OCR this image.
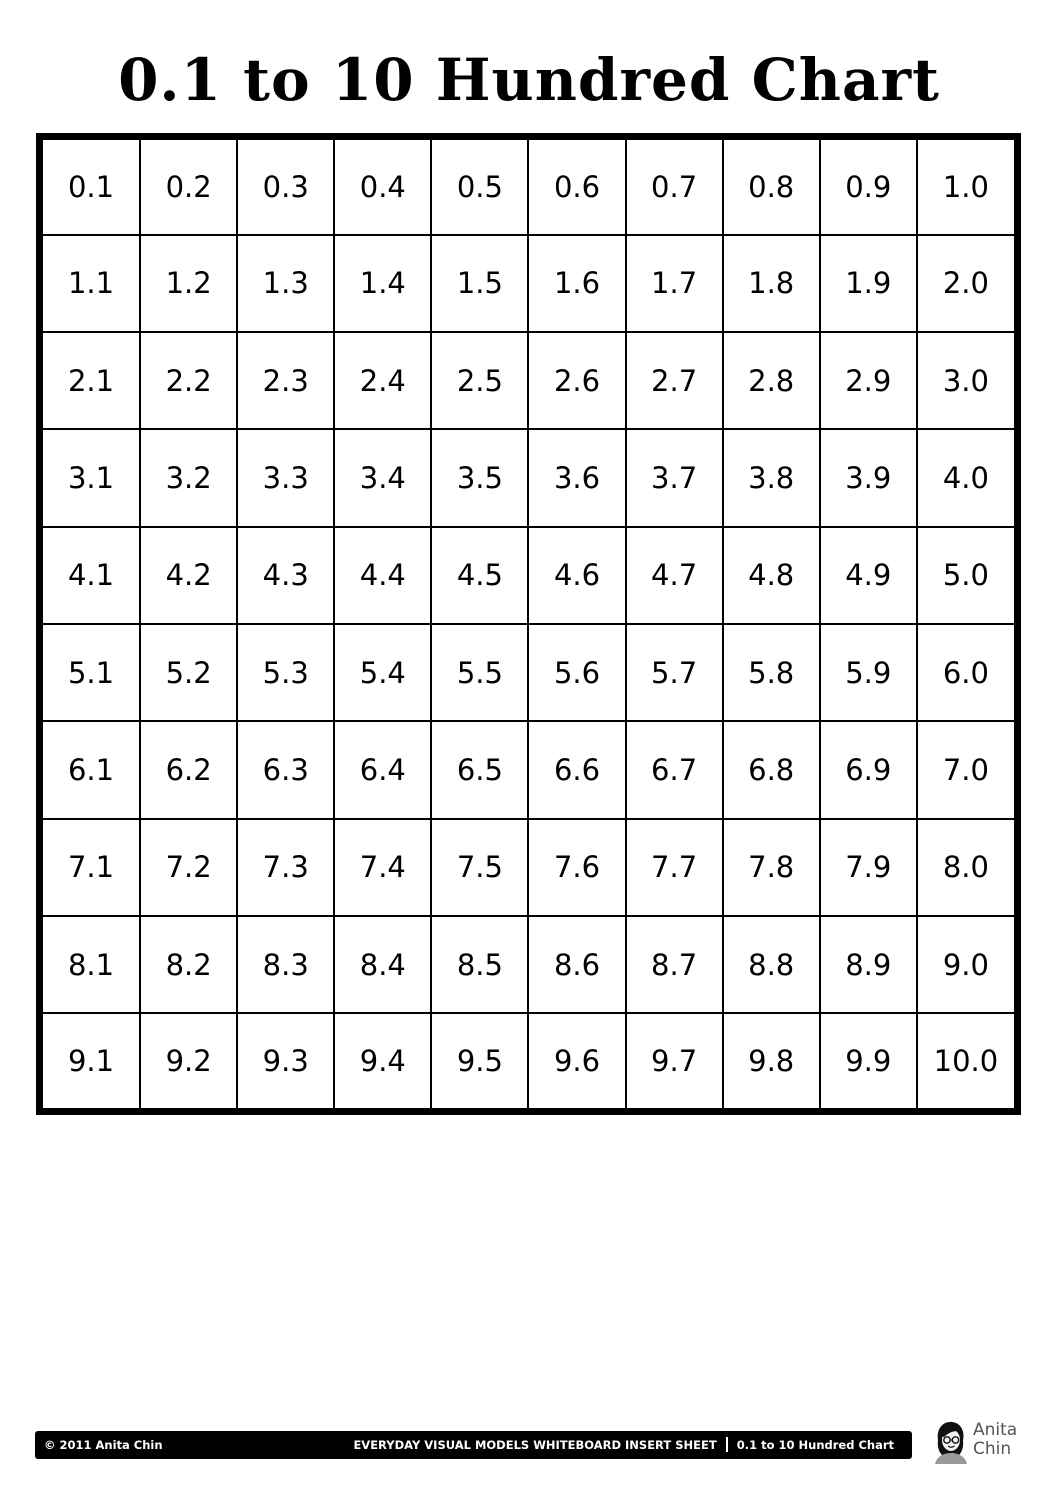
0.1 to 10 Hundred Chart
0.1	0.2	0.3	0.4	0.5	0.6	0.7	0.8	0.9	1.0
1.1	1.2	1.3	1.4	1.5	1.6	1.7	1.8	1.9	2.0
2.1	2.2	2.3	2.4	2.5	2.6	2.7	2.8	2.9	3.0
3.1	3.2	3.3	3.4	3.5	3.6	3.7	3.8	3.9	4.0
4.1	4.2	4.3	4.4	4.5	4.6	4.7	4.8	4.9	5.0
5.1	5.2	5.3	5.4	5.5	5.6	5.7	5.8	5.9	6.0
6.1	6.2	6.3	6.4	6.5	6.6	6.7	6.8	6.9	7.0
7.1	7.2	7.3	7.4	7.5	7.6	7.7	7.8	7.9	8.0
8.1	8.2	8.3	8.4	8.5	8.6	8.7	8.8	8.9	9.0
9.1	9.2	9.3	9.4	9.5	9.6	9.7	9.8	9.9	10.0
© 2011 Anita Chin	EVERYDAY VISUAL MODELS WHITEBOARD INSERT SHEET 0.1 to 10 Hundred Chart
Anita
Chin
